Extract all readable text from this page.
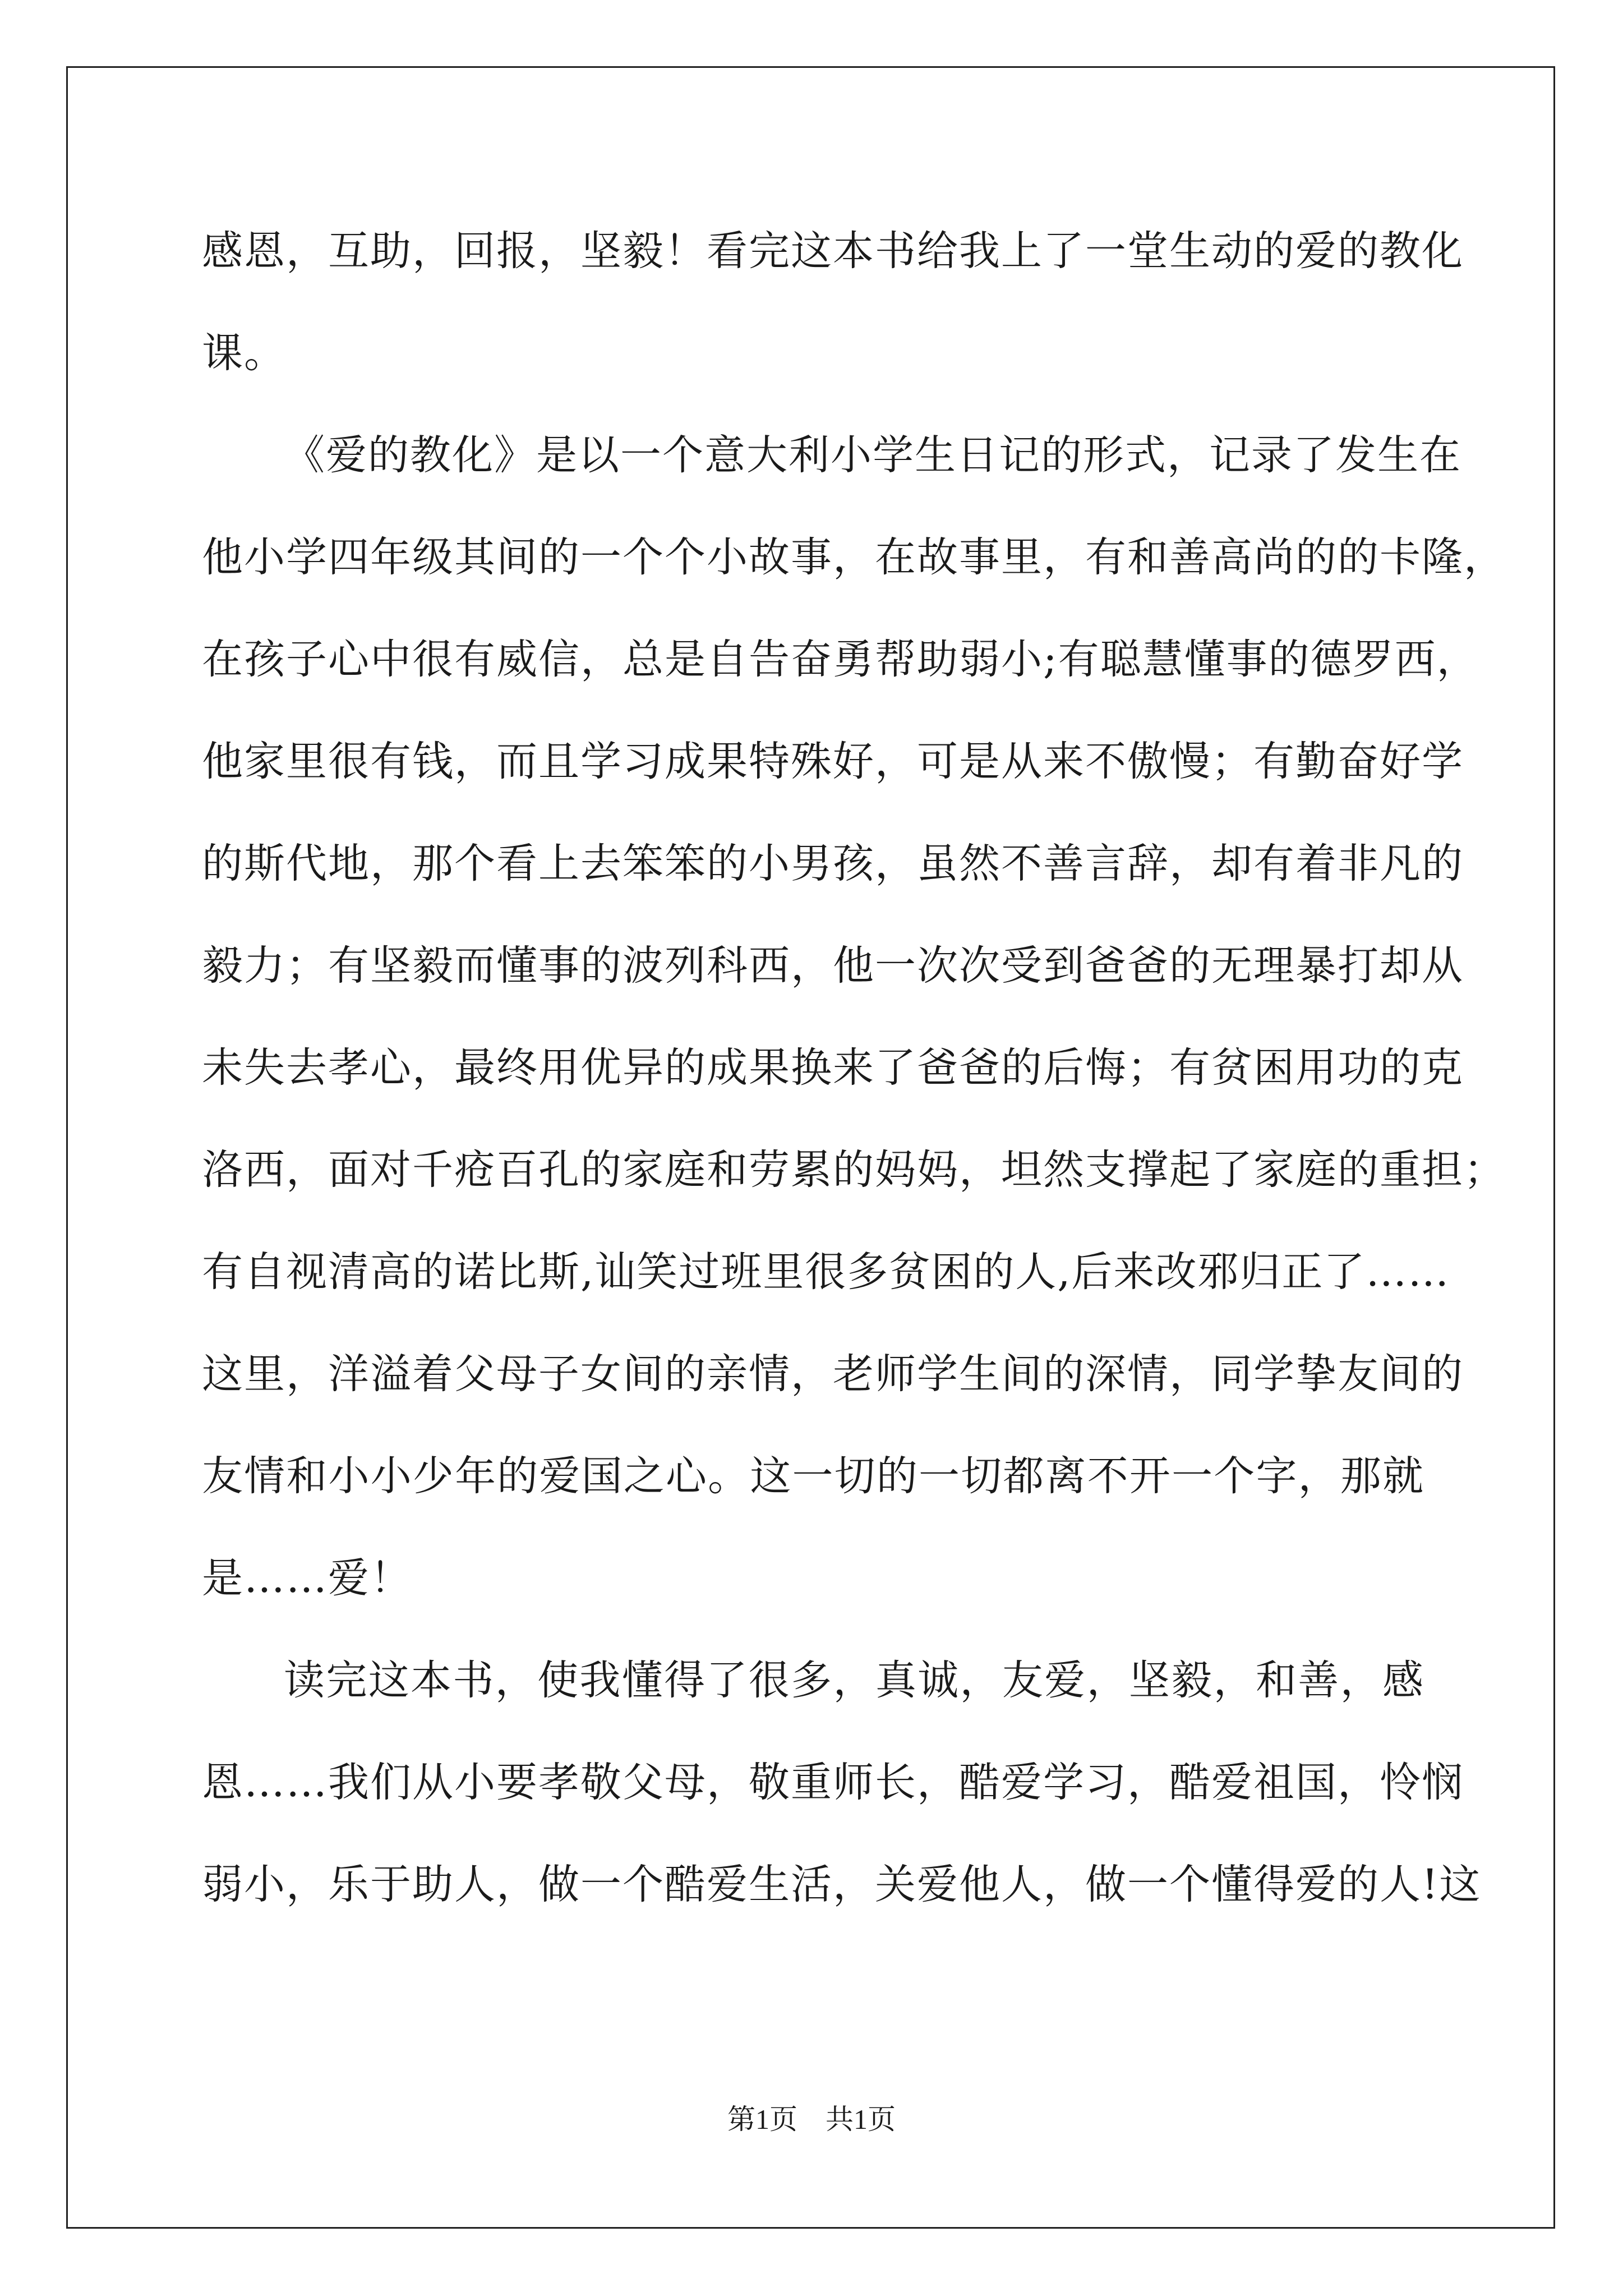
感恩，互助，回报，坚毅！看完这本书给我上了一堂生动的爱的教化
课。
《爱的教化》是以一个意大利小学生日记的形式，记录了发生在
他小学四年级其间的一个个小故事，在故事里，有和善高尚的的卡隆，
在孩子心中很有威信，总是自告奋勇帮助弱小;有聪慧懂事的德罗西，
他家里很有钱，而且学习成果特殊好，可是从来不傲慢；有勤奋好学
的斯代地，那个看上去笨笨的小男孩，虽然不善言辞，却有着非凡的
毅力；有坚毅而懂事的波列科西，他一次次受到爸爸的无理暴打却从
未失去孝心，最终用优异的成果换来了爸爸的后悔；有贫困用功的克
洛西，面对千疮百孔的家庭和劳累的妈妈，坦然支撑起了家庭的重担；
有自视清高的诺比斯,讪笑过班里很多贫困的人,后来改邪归正了……
这里，洋溢着父母子女间的亲情，老师学生间的深情，同学挚友间的
友情和小小少年的爱国之心。这一切的一切都离不开一个字，那就
是……爱！
读完这本书，使我懂得了很多，真诚，友爱，坚毅，和善，感
恩……我们从小要孝敬父母，敬重师长，酷爱学习，酷爱祖国，怜悯
弱小，乐于助人，做一个酷爱生活，关爱他人，做一个懂得爱的人!这
第1页 共1页
